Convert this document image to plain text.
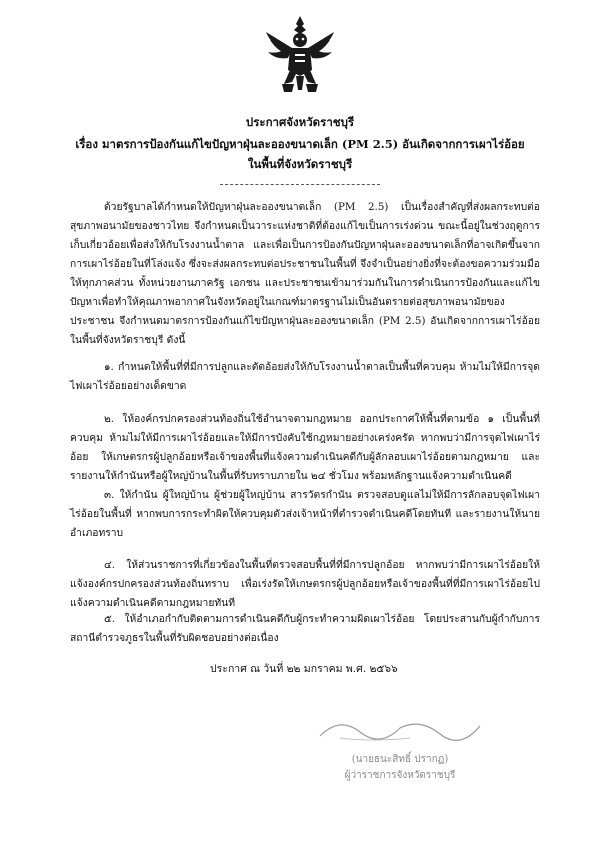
ประกาศจังหวัดราชบุรี
เรื่อง มาตรการป้องกันแก้ไขปัญหาฝุ่นละอองขนาดเล็ก (PM 2.5) อันเกิดจากการเผาไร่อ้อย
ในพื้นที่จังหวัดราชบุรี
ด้วยรัฐบาลได้กำหนดให้ปัญหาฝุ่นละอองขนาดเล็ก (PM 2.5) เป็นเรื่องสำคัญที่ส่งผลกระทบต่อสุขภาพอนามัยของชาวไทย จึงกำหนดเป็นวาระแห่งชาติที่ต้องแก้ไขเป็นการเร่งด่วน ขณะนี้อยู่ในช่วงฤดูการเก็บเกี่ยวอ้อยเพื่อส่งให้กับโรงงานน้ำตาล และเพื่อเป็นการป้องกันปัญหาฝุ่นละอองขนาดเล็กที่อาจเกิดขึ้นจากการเผาไร่อ้อยในที่โล่งแจ้ง ซึ่งจะส่งผลกระทบต่อประชาชนในพื้นที่ จึงจำเป็นอย่างยิ่งที่จะต้องขอความร่วมมือให้ทุกภาคส่วน ทั้งหน่วยงานภาครัฐ เอกชน และประชาชนเข้ามาร่วมกันในการดำเนินการป้องกันและแก้ไขปัญหาเพื่อทำให้คุณภาพอากาศในจังหวัดอยู่ในเกณฑ์มาตรฐานไม่เป็นอันตรายต่อสุขภาพอนามัยของประชาชน จึงกำหนดมาตรการป้องกันแก้ไขปัญหาฝุ่นละอองขนาดเล็ก (PM 2.5) อันเกิดจากการเผาไร่อ้อยในพื้นที่จังหวัดราชบุรี ดังนี้
๑. กำหนดให้พื้นที่ที่มีการปลูกและตัดอ้อยส่งให้กับโรงงานน้ำตาลเป็นพื้นที่ควบคุม ห้ามไม่ให้มีการจุดไฟเผาไร่อ้อยอย่างเด็ดขาด
๒. ให้องค์กรปกครองส่วนท้องถิ่นใช้อำนาจตามกฎหมาย ออกประกาศให้พื้นที่ตามข้อ ๑ เป็นพื้นที่ควบคุม ห้ามไม่ให้มีการเผาไร่อ้อยและให้มีการบังคับใช้กฎหมายอย่างเคร่งครัด หากพบว่ามีการจุดไฟเผาไร่อ้อย ให้เกษตรกรผู้ปลูกอ้อยหรือเจ้าของพื้นที่แจ้งความดำเนินคดีกับผู้ลักลอบเผาไร่อ้อยตามกฎหมาย และรายงานให้กำนันหรือผู้ใหญ่บ้านในพื้นที่รับทราบภายใน ๒๔ ชั่วโมง พร้อมหลักฐานแจ้งความดำเนินคดี
๓. ให้กำนัน ผู้ใหญ่บ้าน ผู้ช่วยผู้ใหญ่บ้าน สารวัตรกำนัน ตรวจสอบดูแลไม่ให้มีการลักลอบจุดไฟเผาไร่อ้อยในพื้นที่ หากพบการกระทำผิดให้ควบคุมตัวส่งเจ้าหน้าที่ตำรวจดำเนินคดีโดยทันที และรายงานให้นายอำเภอทราบ
๔. ให้ส่วนราชการที่เกี่ยวข้องในพื้นที่ตรวจสอบพื้นที่ที่มีการปลูกอ้อย หากพบว่ามีการเผาไร่อ้อยให้แจ้งองค์กรปกครองส่วนท้องถิ่นทราบ เพื่อเร่งรัดให้เกษตรกรผู้ปลูกอ้อยหรือเจ้าของพื้นที่ที่มีการเผาไร่อ้อยไปแจ้งความดำเนินคดีตามกฎหมายทันที
๕. ให้อำเภอกำกับติดตามการดำเนินคดีกับผู้กระทำความผิดเผาไร่อ้อย โดยประสานกับผู้กำกับการสถานีตำรวจภูธรในพื้นที่รับผิดชอบอย่างต่อเนื่อง
ประกาศ ณ วันที่ ๒๒ มกราคม พ.ศ. ๒๕๖๖
(นายธนะสิทธิ์ ปรากฏ)
ผู้ว่าราชการจังหวัดราชบุรี
